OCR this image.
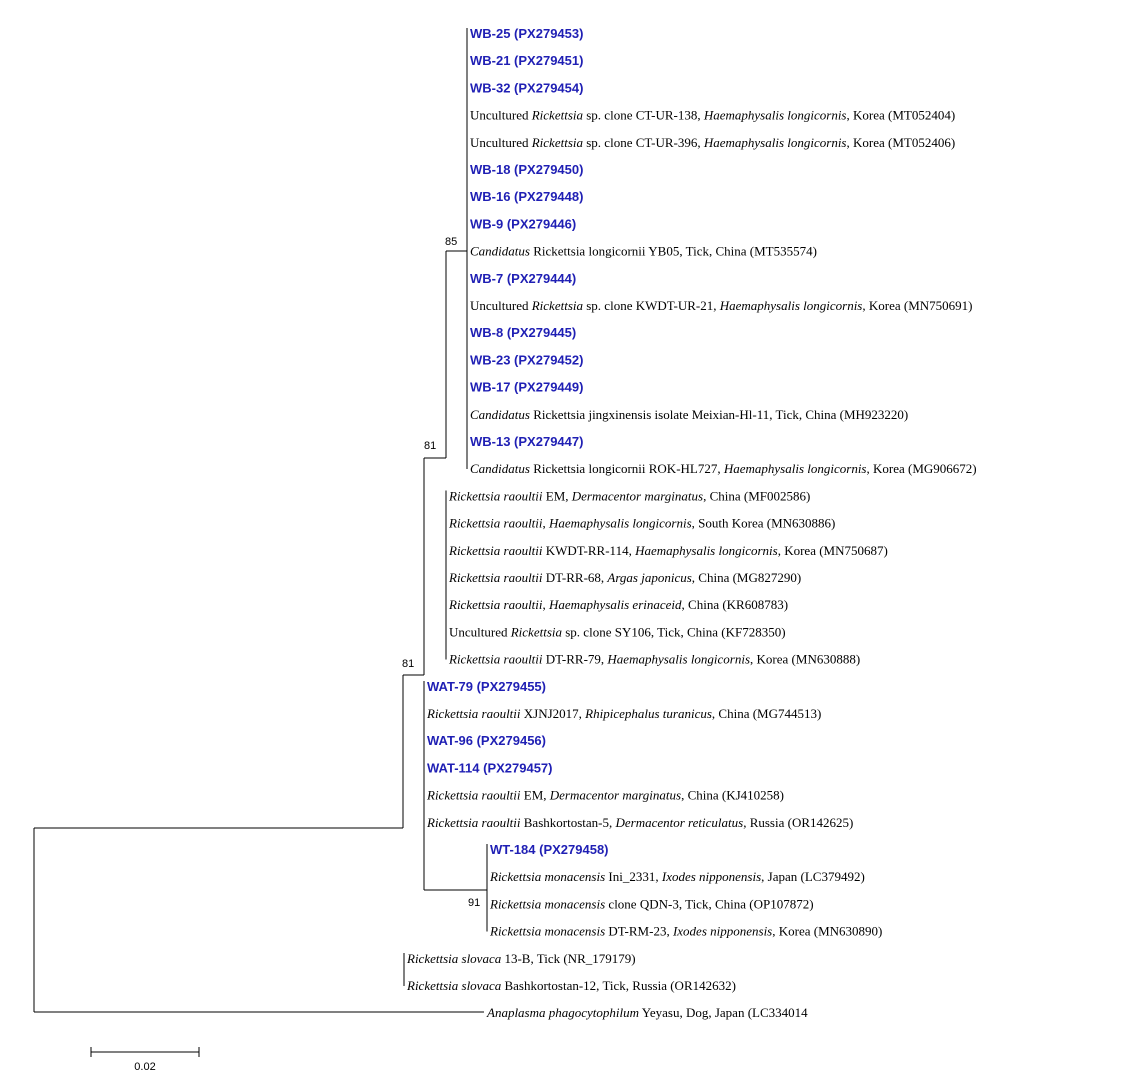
WB-25 (PX279453)
WB-21 (PX279451)
WB-32 (PX279454)
Uncultured Rickettsia sp. clone CT-UR-138, Haemaphysalis longicornis, Korea (MT052404)
Uncultured Rickettsia sp. clone CT-UR-396, Haemaphysalis longicornis, Korea (MT052406)
WB-18 (PX279450)
WB-16 (PX279448)
WB-9 (PX279446)
Candidatus Rickettsia longicornii YB05, Tick, China (MT535574)
WB-7 (PX279444)
Uncultured Rickettsia sp. clone KWDT-UR-21, Haemaphysalis longicornis, Korea (MN750691)
WB-8 (PX279445)
WB-23 (PX279452)
WB-17 (PX279449)
Candidatus Rickettsia jingxinensis isolate Meixian-Hl-11, Tick, China (MH923220)
WB-13 (PX279447)
Candidatus Rickettsia longicornii ROK-HL727, Haemaphysalis longicornis, Korea (MG906672)
Rickettsia raoultii EM, Dermacentor marginatus, China (MF002586)
Rickettsia raoultii, Haemaphysalis longicornis, South Korea (MN630886)
Rickettsia raoultii KWDT-RR-114, Haemaphysalis longicornis, Korea (MN750687)
Rickettsia raoultii DT-RR-68, Argas japonicus, China (MG827290)
Rickettsia raoultii, Haemaphysalis erinaceid, China (KR608783)
Uncultured Rickettsia sp. clone SY106, Tick, China (KF728350)
Rickettsia raoultii DT-RR-79, Haemaphysalis longicornis, Korea (MN630888)
WAT-79 (PX279455)
Rickettsia raoultii XJNJ2017, Rhipicephalus turanicus, China (MG744513)
WAT-96 (PX279456)
WAT-114 (PX279457)
Rickettsia raoultii EM, Dermacentor marginatus, China (KJ410258)
Rickettsia raoultii Bashkortostan-5, Dermacentor reticulatus, Russia (OR142625)
WT-184 (PX279458)
Rickettsia monacensis Ini_2331, Ixodes nipponensis, Japan (LC379492)
Rickettsia monacensis clone QDN-3, Tick, China (OP107872)
Rickettsia monacensis DT-RM-23, Ixodes nipponensis, Korea (MN630890)
Rickettsia slovaca 13-B, Tick (NR_179179)
Rickettsia slovaca Bashkortostan-12, Tick, Russia (OR142632)
Anaplasma phagocytophilum Yeyasu, Dog, Japan (LC334014
85
81
81
91
0.02
